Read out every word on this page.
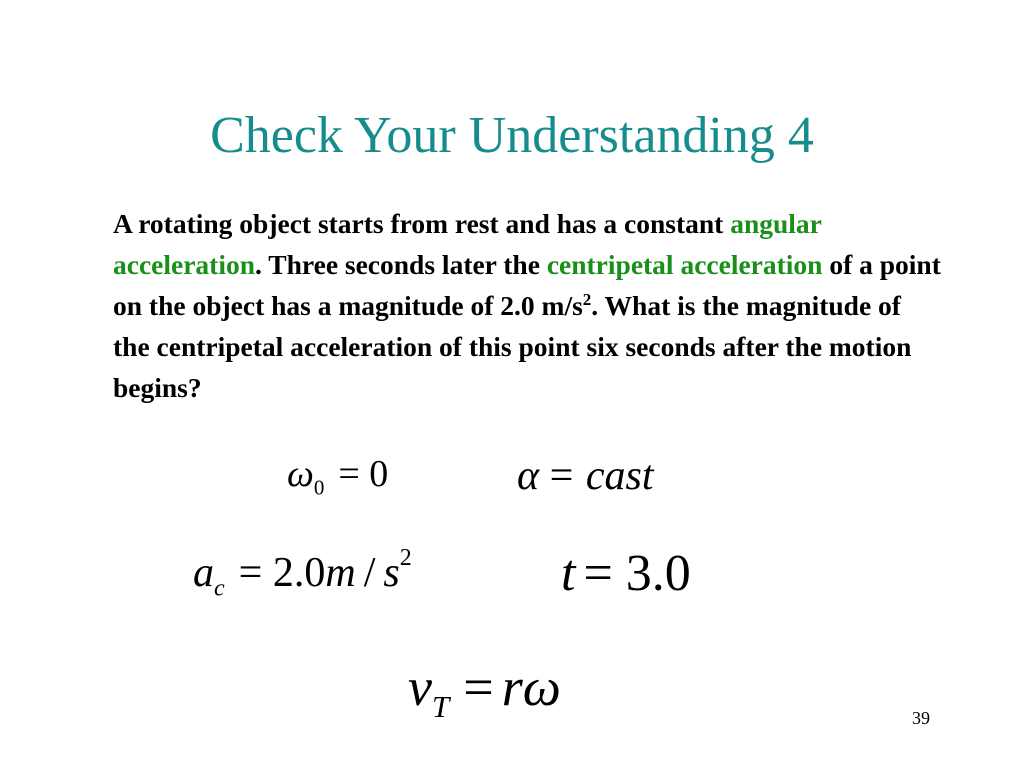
Check Your Understanding 4
A rotating object starts from rest and has a constant angular acceleration. Three seconds later the centripetal acceleration of a point on the object has a magnitude of 2.0 $m/s^2$. What is the magnitude of the centripetal acceleration of this point six seconds after the motion begins?
$\omega_0 = 0$	α = cast
$a_c = 2.0m / s^2$	t = 3.0
$v_T = r\omega$
39
